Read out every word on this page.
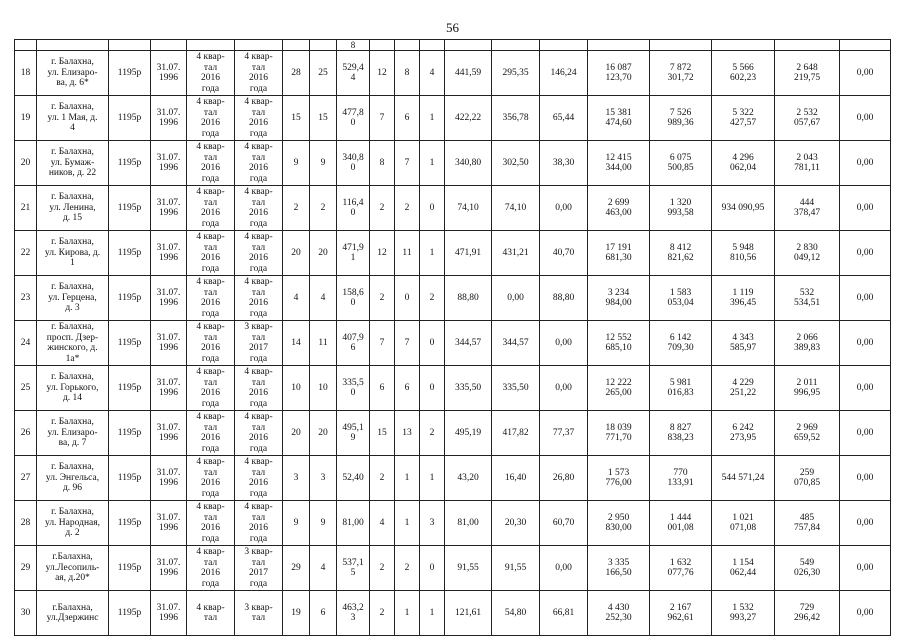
56
								8											
18	г. Балахна,
ул. Елизаро-
ва, д. 6*	1195р	31.07.
1996	4 квар-
тал
2016
года	4 квар-
тал
2016
года	28	25	529,4
4	12	8	4	441,59	295,35	146,24	16 087
123,70	7 872
301,72	5 566
602,23	2 648
219,75	0,00
19	г. Балахна,
ул. 1 Мая, д.
4	1195р	31.07.
1996	4 квар-
тал
2016
года	4 квар-
тал
2016
года	15	15	477,8
0	7	6	1	422,22	356,78	65,44	15 381
474,60	7 526
989,36	5 322
427,57	2 532
057,67	0,00
20	г. Балахна,
ул. Бумаж-
ников, д. 22	1195р	31.07.
1996	4 квар-
тал
2016
года	4 квар-
тал
2016
года	9	9	340,8
0	8	7	1	340,80	302,50	38,30	12 415
344,00	6 075
500,85	4 296
062,04	2 043
781,11	0,00
21	г. Балахна,
ул. Ленина,
д. 15	1195р	31.07.
1996	4 квар-
тал
2016
года	4 квар-
тал
2016
года	2	2	116,4
0	2	2	0	74,10	74,10	0,00	2 699
463,00	1 320
993,58	934 090,95	444
378,47	0,00
22	г. Балахна,
ул. Кирова, д.
1	1195р	31.07.
1996	4 квар-
тал
2016
года	4 квар-
тал
2016
года	20	20	471,9
1	12	11	1	471,91	431,21	40,70	17 191
681,30	8 412
821,62	5 948
810,56	2 830
049,12	0,00
23	г. Балахна,
ул. Герцена,
д. 3	1195р	31.07.
1996	4 квар-
тал
2016
года	4 квар-
тал
2016
года	4	4	158,6
0	2	0	2	88,80	0,00	88,80	3 234
984,00	1 583
053,04	1 119
396,45	532
534,51	0,00
24	г. Балахна,
просп. Дзер-
жинского, д.
1а*	1195р	31.07.
1996	4 квар-
тал
2016
года	3 квар-
тал
2017
года	14	11	407,9
6	7	7	0	344,57	344,57	0,00	12 552
685,10	6 142
709,30	4 343
585,97	2 066
389,83	0,00
25	г. Балахна,
ул. Горького,
д. 14	1195р	31.07.
1996	4 квар-
тал
2016
года	4 квар-
тал
2016
года	10	10	335,5
0	6	6	0	335,50	335,50	0,00	12 222
265,00	5 981
016,83	4 229
251,22	2 011
996,95	0,00
26	г. Балахна,
ул. Елизаро-
ва, д. 7	1195р	31.07.
1996	4 квар-
тал
2016
года	4 квар-
тал
2016
года	20	20	495,1
9	15	13	2	495,19	417,82	77,37	18 039
771,70	8 827
838,23	6 242
273,95	2 969
659,52	0,00
27	г. Балахна,
ул. Энгельса,
д. 96	1195р	31.07.
1996	4 квар-
тал
2016
года	4 квар-
тал
2016
года	3	3	52,40	2	1	1	43,20	16,40	26,80	1 573
776,00	770
133,91	544 571,24	259
070,85	0,00
28	г. Балахна,
ул. Народная,
д. 2	1195р	31.07.
1996	4 квар-
тал
2016
года	4 квар-
тал
2016
года	9	9	81,00	4	1	3	81,00	20,30	60,70	2 950
830,00	1 444
001,08	1 021
071,08	485
757,84	0,00
29	г.Балахна,
ул.Лесопиль-
ая, д.20*	1195р	31.07.
1996	4 квар-
тал
2016
года	3 квар-
тал
2017
года	29	4	537,1
5	2	2	0	91,55	91,55	0,00	3 335
166,50	1 632
077,76	1 154
062,44	549
026,30	0,00
30	г.Балахна,
ул.Дзержинс	1195р	31.07.
1996	4 квар-
тал	3 квар-
тал	19	6	463,2
3	2	1	1	121,61	54,80	66,81	4 430
252,30	2 167
962,61	1 532
993,27	729
296,42	0,00
